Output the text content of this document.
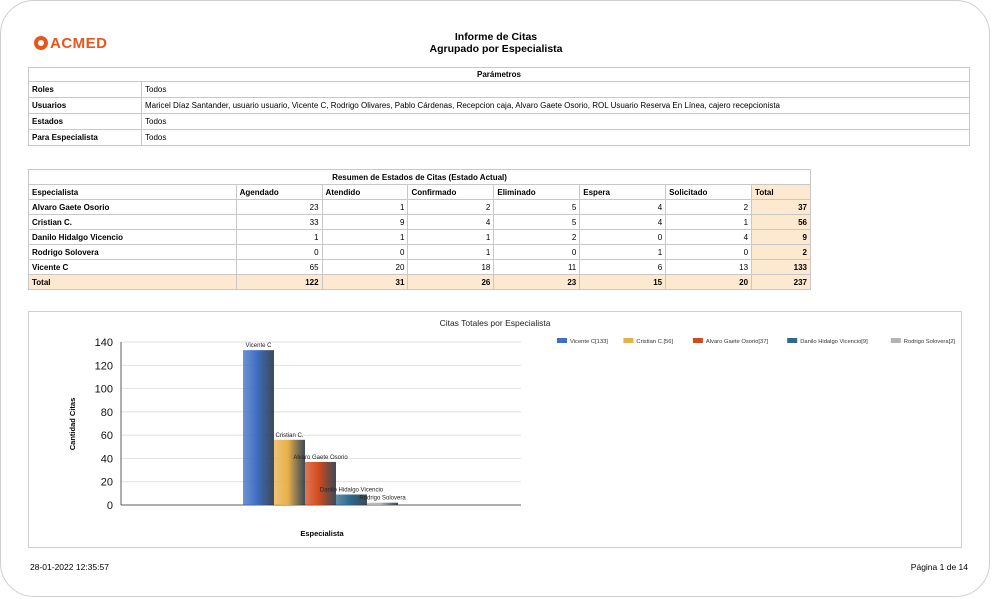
ACMED	Informe de Citas
Agrupado por Especialista
Parámetros	
Roles	Todos
Usuarios	Maricel Díaz Santander, usuario usuario, Vicente C, Rodrigo Olivares, Pablo Cárdenas, Recepcion caja, Alvaro Gaete Osorio, ROL Usuario Reserva En Línea, cajero recepcionista
Estados	Todos
Para Especialista	Todos
Resumen de Estados de Citas (Estado Actual)							
Especialista	Agendado	Atendido	Confirmado	Eliminado	Espera	Solicitado	Total
Alvaro Gaete Osorio	23	1	2	5	4	2	37
Cristian C.	33	9	4	5	4	1	56
Danilo Hidalgo Vicencio	1	1	1	2	0	4	9
Rodrigo Solovera	0	0	1	0	1	0	2
Vicente C	65	20	18	11	6	13	133
Total	122	31	26	23	15	20	237
Citas Totales por Especialista
0
20
40
60
80
100
120
140	Vicente C
Cristian C.
Alvaro Gaete Osorio
Danilo Hidalgo Vicencio
Rodrigo Solovera
Vicente C[133]	Cristian C.[56]	Alvaro Gaete Osorio[37]	Danilo Hidalgo Vicencio[9]	Rodrigo Solovera[2]
Cantidad Citas
Especialista
28-01-2022 12:35:57	Página 1 de 14
